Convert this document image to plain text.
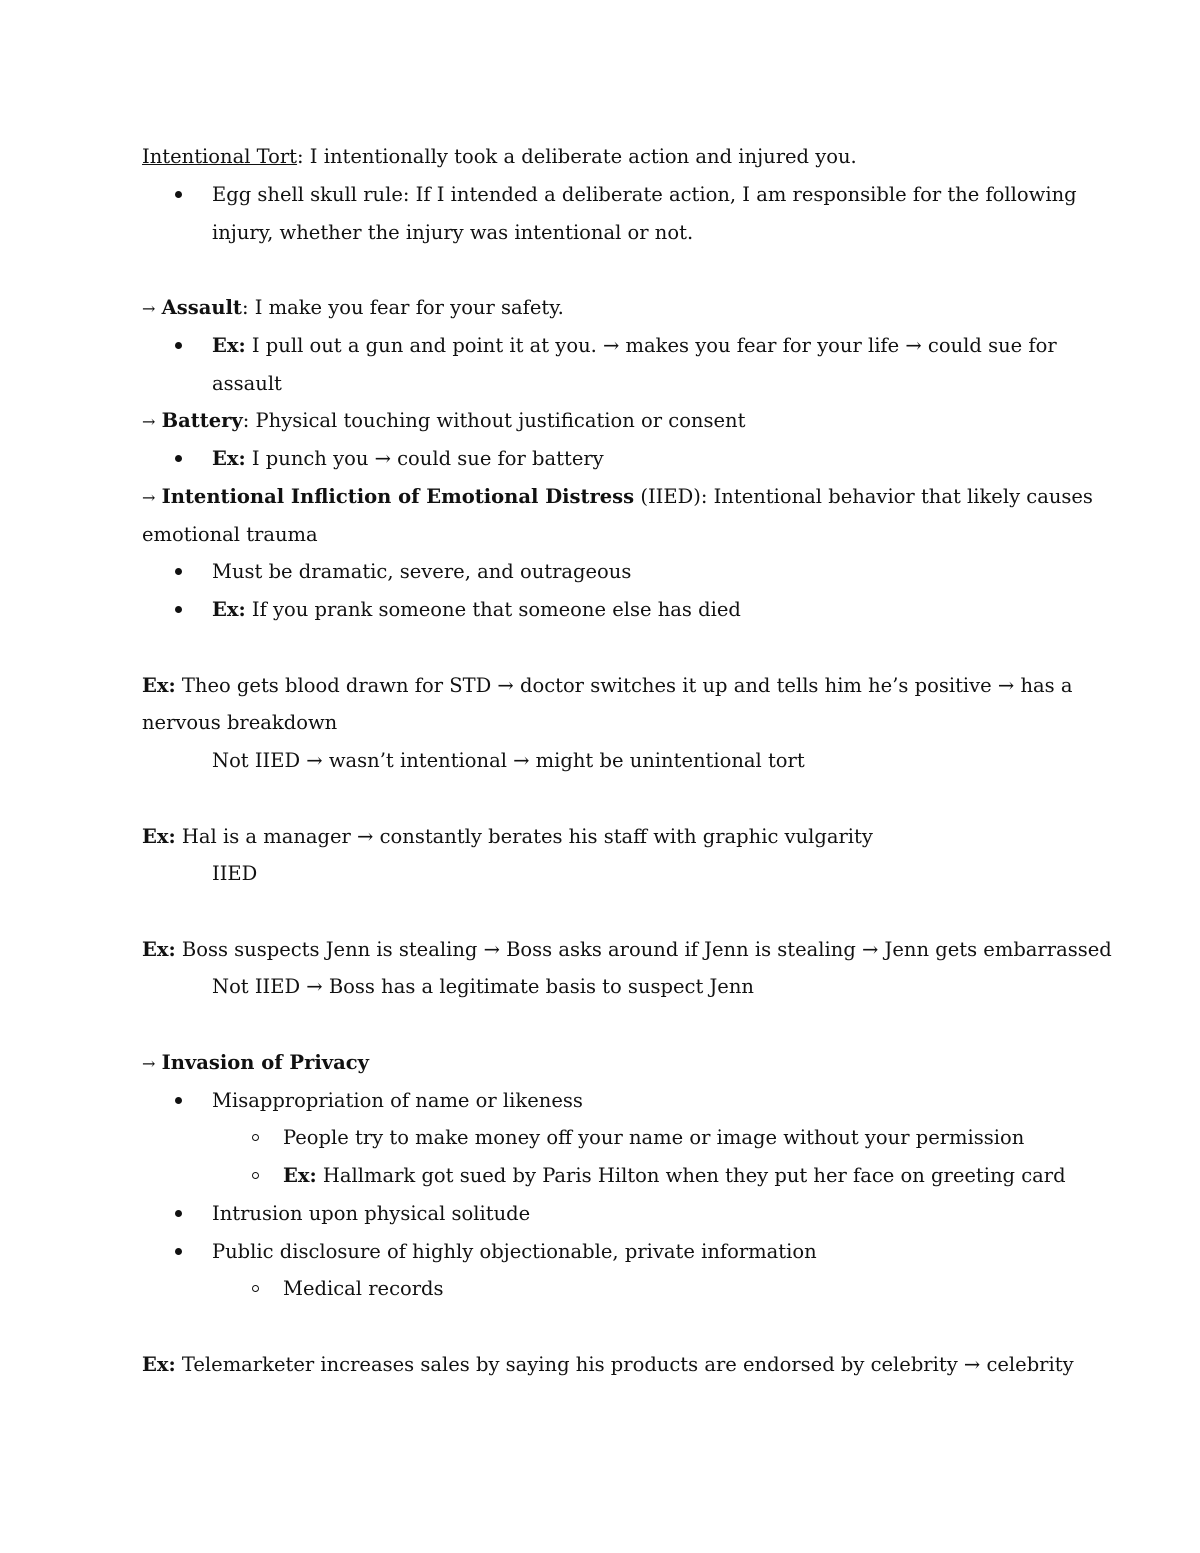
Intentional Tort: I intentionally took a deliberate action and injured you.
Egg shell skull rule: If I intended a deliberate action, I am responsible for the following
injury, whether the injury was intentional or not.
→ Assault: I make you fear for your safety.
Ex: I pull out a gun and point it at you. → makes you fear for your life → could sue for
assault
→ Battery: Physical touching without justification or consent
Ex: I punch you → could sue for battery
→ Intentional Infliction of Emotional Distress (IIED): Intentional behavior that likely causes
emotional trauma
Must be dramatic, severe, and outrageous
Ex: If you prank someone that someone else has died
Ex: Theo gets blood drawn for STD → doctor switches it up and tells him he’s positive → has a
nervous breakdown
Not IIED → wasn’t intentional → might be unintentional tort
Ex: Hal is a manager → constantly berates his staff with graphic vulgarity
IIED
Ex: Boss suspects Jenn is stealing → Boss asks around if Jenn is stealing → Jenn gets embarrassed
Not IIED → Boss has a legitimate basis to suspect Jenn
→ Invasion of Privacy
Misappropriation of name or likeness
People try to make money off your name or image without your permission
Ex: Hallmark got sued by Paris Hilton when they put her face on greeting card
Intrusion upon physical solitude
Public disclosure of highly objectionable, private information
Medical records
Ex: Telemarketer increases sales by saying his products are endorsed by celebrity → celebrity
